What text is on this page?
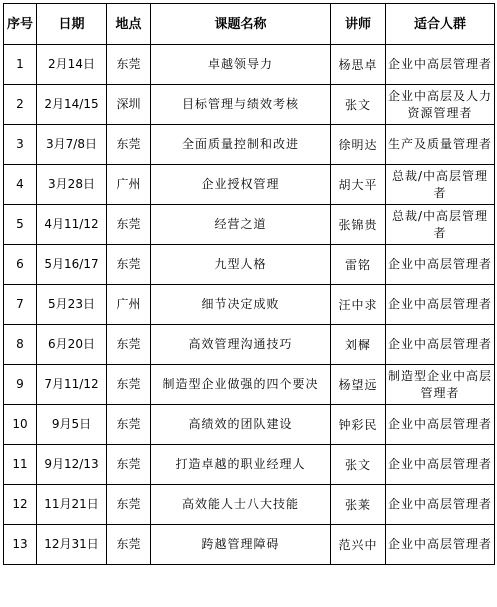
序号	日期	地点	课题名称	讲师	适合人群
1	2月14日	东莞	卓越领导力	杨思卓	企业中高层管理者
2	2月14/15	深圳	目标管理与绩效考核	张文	企业中高层及人力资源管理者
3	3月7/8日	东莞	全面质量控制和改进	徐明达	生产及质量管理者
4	3月28日	广州	企业授权管理	胡大平	总裁/中高层管理者
5	4月11/12	东莞	经营之道	张锦贵	总裁/中高层管理者
6	5月16/17	东莞	九型人格	雷铭	企业中高层管理者
7	5月23日	广州	细节决定成败	汪中求	企业中高层管理者
8	6月20日	东莞	高效管理沟通技巧	刘樨	企业中高层管理者
9	7月11/12	东莞	制造型企业做强的四个要决	杨望远	制造型企业中高层管理者
10	9月5日	东莞	高绩效的团队建设	钟彩民	企业中高层管理者
11	9月12/13	东莞	打造卓越的职业经理人	张文	企业中高层管理者
12	11月21日	东莞	高效能人士八大技能	张莱	企业中高层管理者
13	12月31日	东莞	跨越管理障碍	范兴中	企业中高层管理者
